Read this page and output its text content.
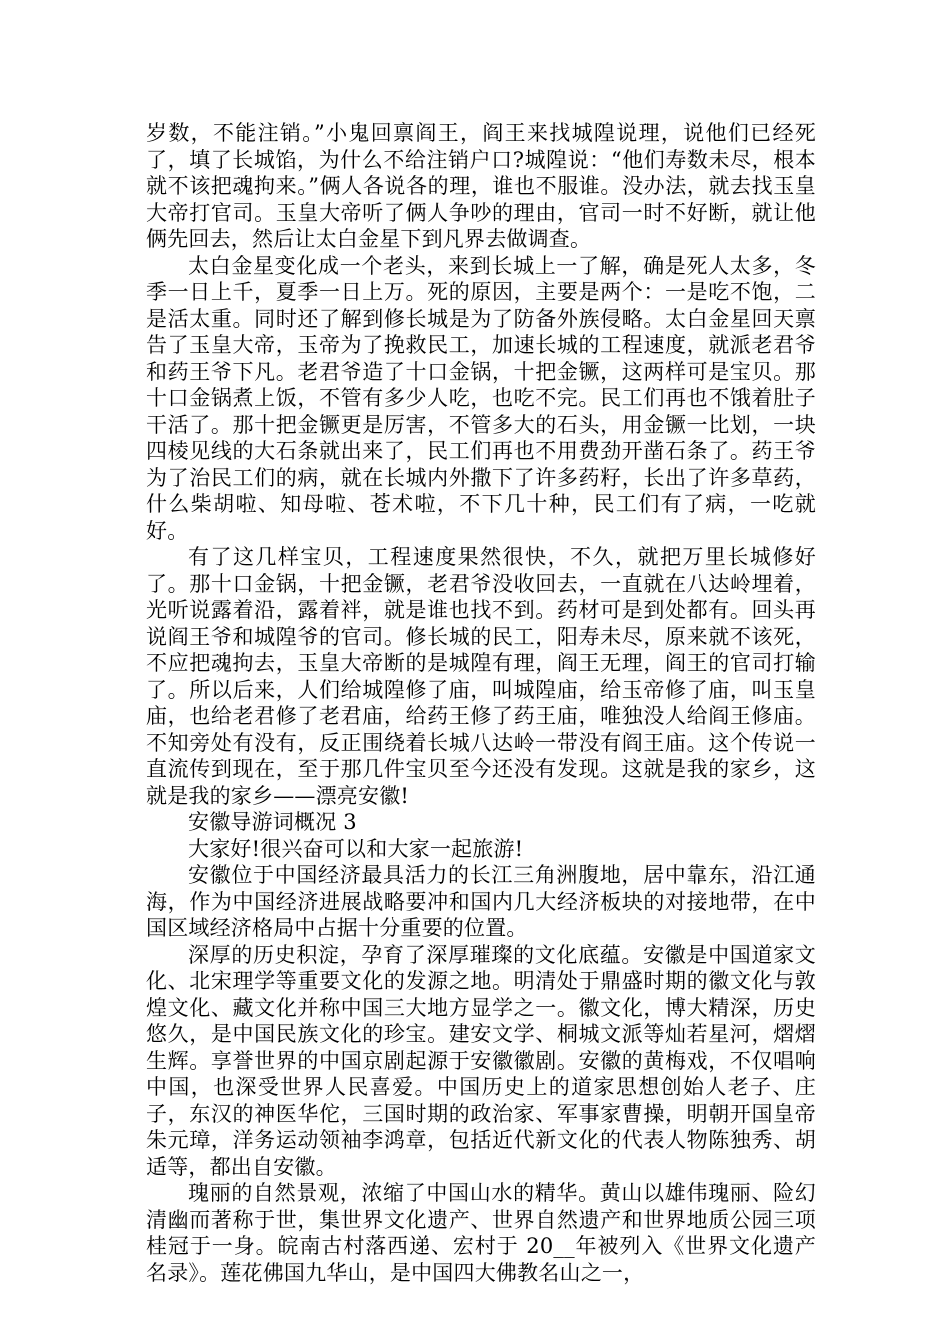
岁数，不能注销。”小鬼回禀阎王，阎王来找城隍说理，说他们已经死了，填了长城馅，为什么不给注销户口?城隍说：“他们寿数未尽，根本就不该把魂拘来。”俩人各说各的理，谁也不服谁。没办法，就去找玉皇大帝打官司。玉皇大帝听了俩人争吵的理由，官司一时不好断，就让他俩先回去，然后让太白金星下到凡界去做调查。

太白金星变化成一个老头，来到长城上一了解，确是死人太多，冬季一日上千，夏季一日上万。死的原因，主要是两个：一是吃不饱，二是活太重。同时还了解到修长城是为了防备外族侵略。太白金星回天禀告了玉皇大帝，玉帝为了挽救民工，加速长城的工程速度，就派老君爷和药王爷下凡。老君爷造了十口金锅，十把金镢，这两样可是宝贝。那十口金锅煮上饭，不管有多少人吃，也吃不完。民工们再也不饿着肚子干活了。那十把金镢更是厉害，不管多大的石头，用金镢一比划，一块四棱见线的大石条就出来了，民工们再也不用费劲开凿石条了。药王爷为了治民工们的病，就在长城内外撒下了许多药籽，长出了许多草药，什么柴胡啦、知母啦、苍术啦，不下几十种，民工们有了病，一吃就好。

有了这几样宝贝，工程速度果然很快，不久，就把万里长城修好了。那十口金锅，十把金镢，老君爷没收回去，一直就在八达岭埋着，光听说露着沿，露着袢，就是谁也找不到。药材可是到处都有。回头再说阎王爷和城隍爷的官司。修长城的民工，阳寿未尽，原来就不该死，不应把魂拘去，玉皇大帝断的是城隍有理，阎王无理，阎王的官司打输了。所以后来，人们给城隍修了庙，叫城隍庙，给玉帝修了庙，叫玉皇庙，也给老君修了老君庙，给药王修了药王庙，唯独没人给阎王修庙。不知旁处有没有，反正围绕着长城八达岭一带没有阎王庙。这个传说一直流传到现在，至于那几件宝贝至今还没有发现。这就是我的家乡，这就是我的家乡——漂亮安徽!

安徽导游词概况 3

大家好!很兴奋可以和大家一起旅游!

安徽位于中国经济最具活力的长江三角洲腹地，居中靠东，沿江通海，作为中国经济进展战略要冲和国内几大经济板块的对接地带，在中国区域经济格局中占据十分重要的位置。

深厚的历史积淀，孕育了深厚璀璨的文化底蕴。安徽是中国道家文化、北宋理学等重要文化的发源之地。明清处于鼎盛时期的徽文化与敦煌文化、藏文化并称中国三大地方显学之一。徽文化，博大精深，历史悠久，是中国民族文化的珍宝。建安文学、桐城文派等灿若星河，熠熠生辉。享誉世界的中国京剧起源于安徽徽剧。安徽的黄梅戏，不仅唱响中国，也深受世界人民喜爱。中国历史上的道家思想创始人老子、庄子，东汉的神医华佗，三国时期的政治家、军事家曹操，明朝开国皇帝朱元璋，洋务运动领袖李鸿章，包括近代新文化的代表人物陈独秀、胡适等，都出自安徽。

瑰丽的自然景观，浓缩了中国山水的精华。黄山以雄伟瑰丽、险幻清幽而著称于世，集世界文化遗产、世界自然遗产和世界地质公园三项桂冠于一身。皖南古村落西递、宏村于 20__年被列入《世界文化遗产名录》。莲花佛国九华山，是中国四大佛教名山之一，
